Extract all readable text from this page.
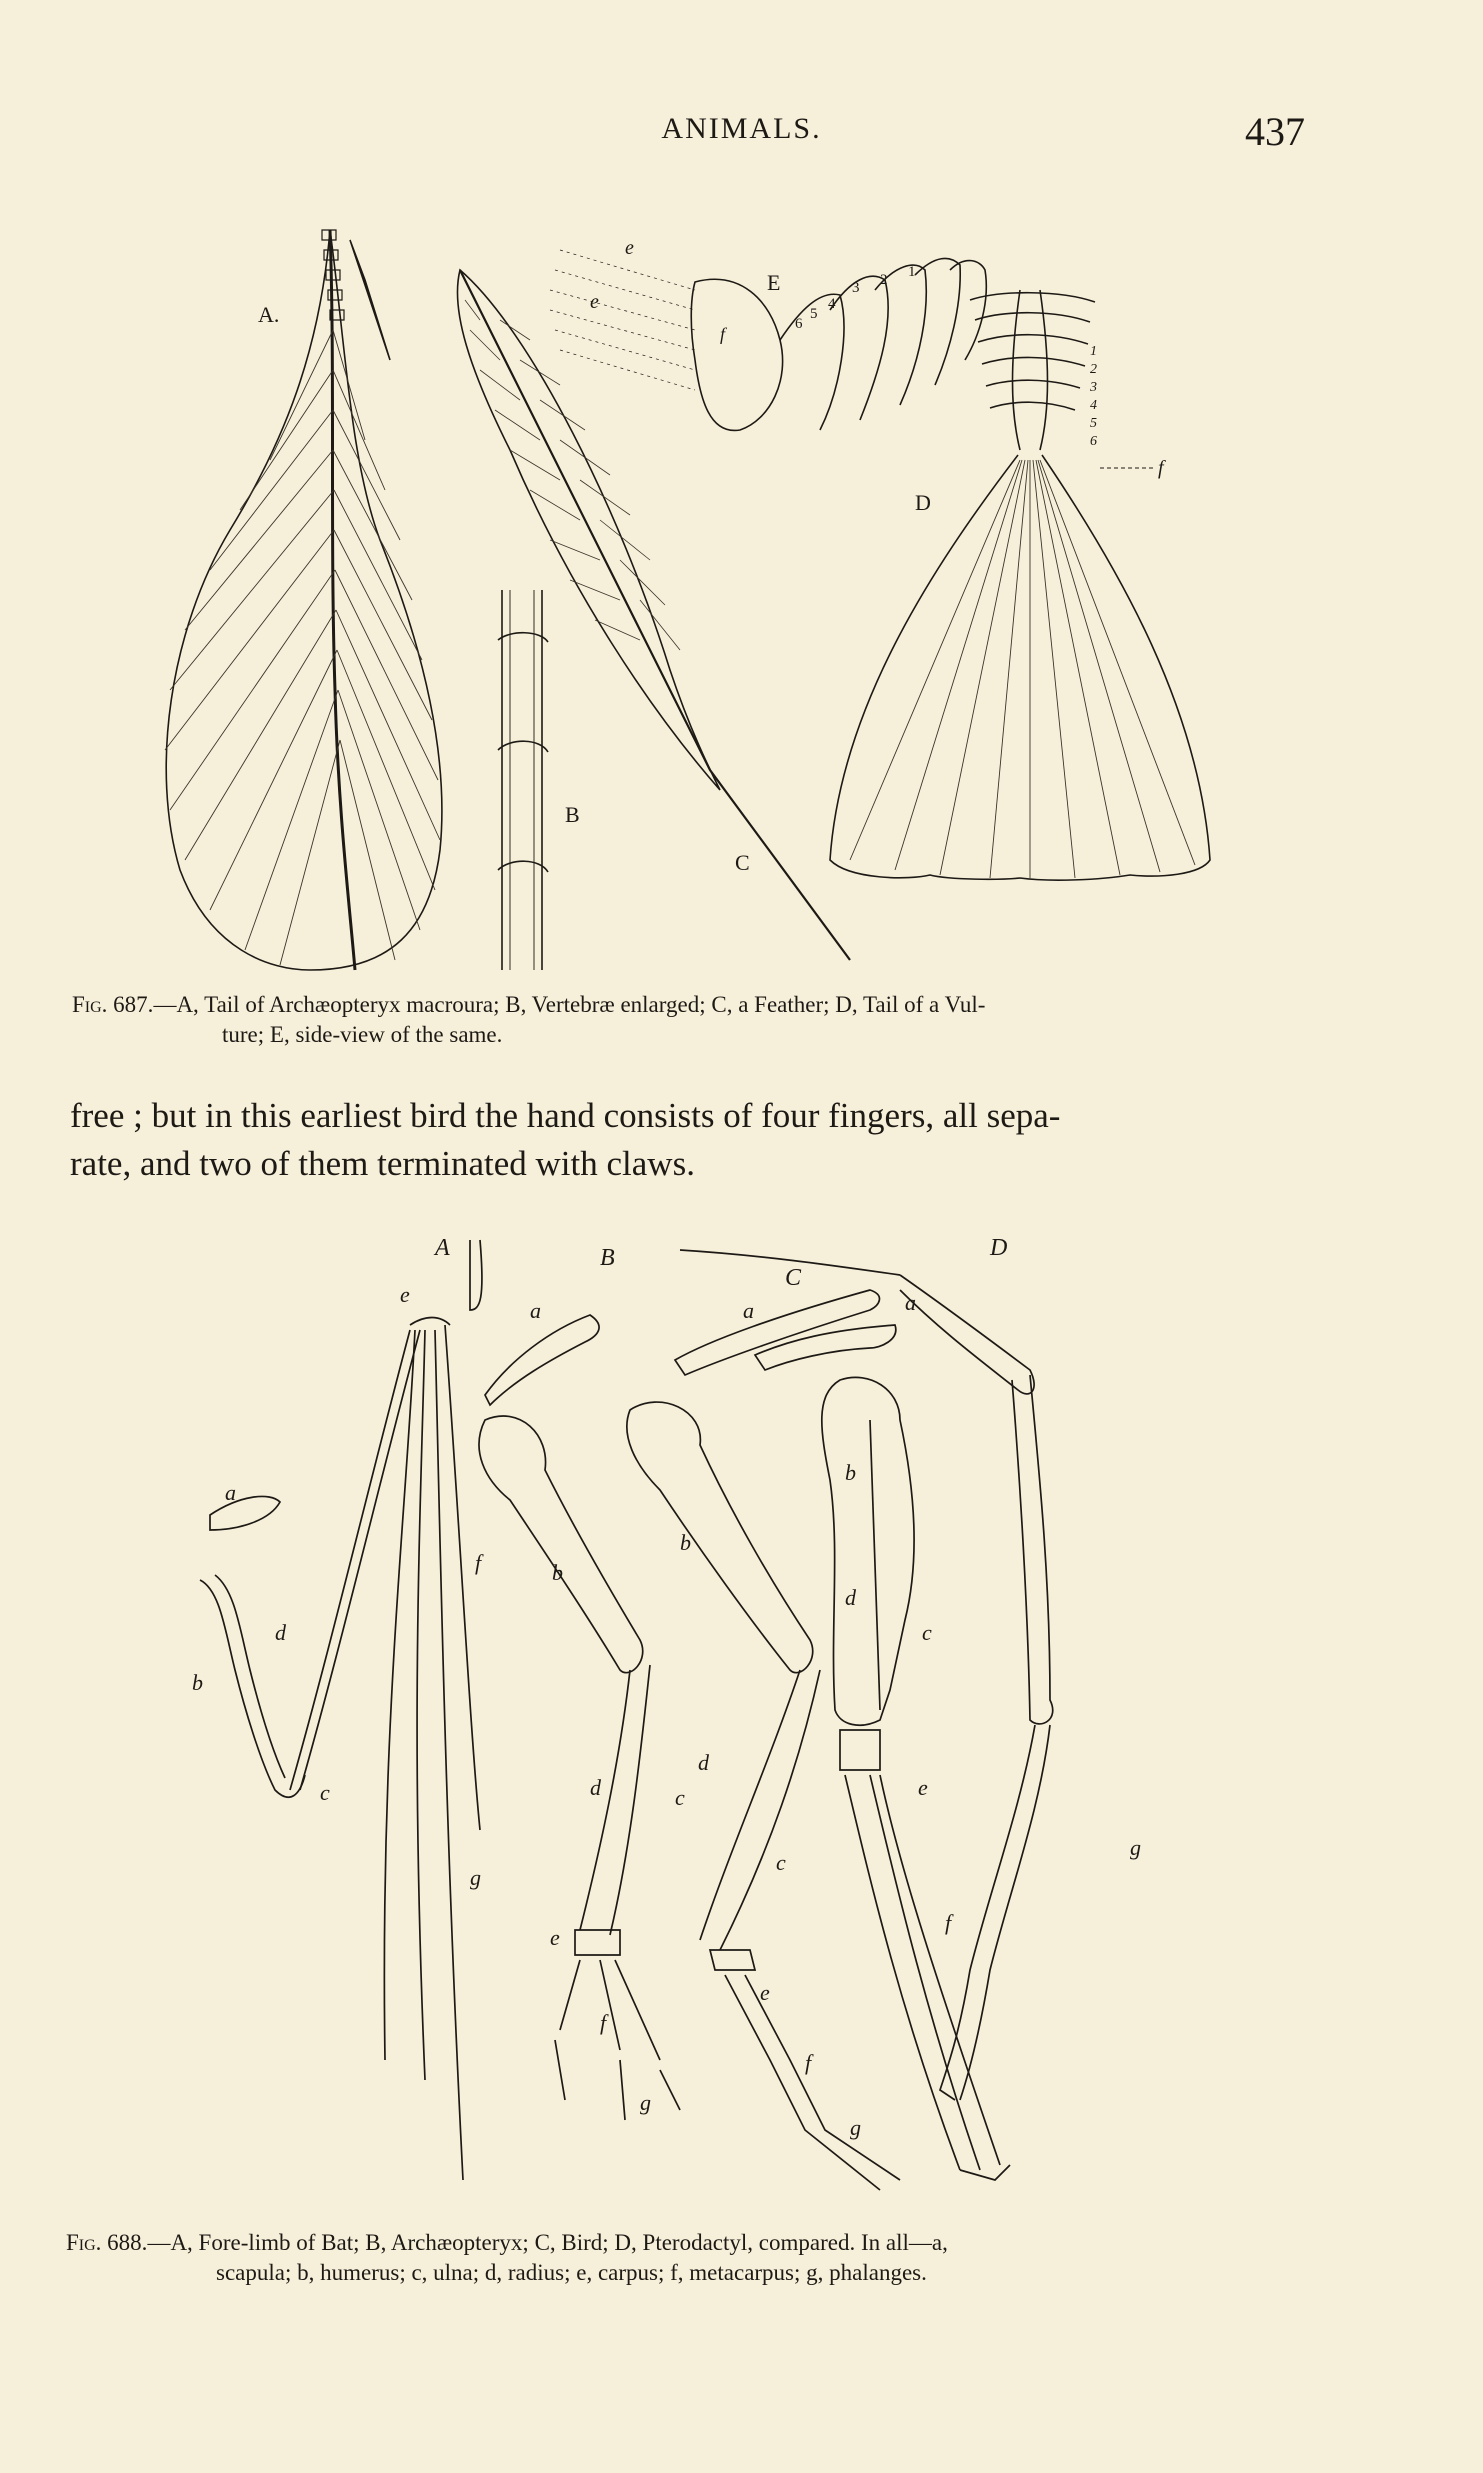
ANIMALS.	437
A.
B
C
e
e
E
f	6
5
4
3 2 1
D
1
2
3
4
5
6
f
Fig. 687.—A, Tail of Archæopteryx macroura; B, Vertebræ enlarged; C, a Feather; D, Tail of a Vul-
ture; E, side-view of the same.
free ; but in this earliest bird the hand consists of four fingers, all sepa-
rate, and two of them terminated with claws.
A
a
b
c
d
e
f
g
B
a
b
c
d
e
f
g
C
a
b
c
d
e
f
g
D
a
b
c
d
e
f
g
Fig. 688.—A, Fore-limb of Bat; B, Archæopteryx; C, Bird; D, Pterodactyl, compared. In all—a,
scapula; b, humerus; c, ulna; d, radius; e, carpus; f, metacarpus; g, phalanges.
